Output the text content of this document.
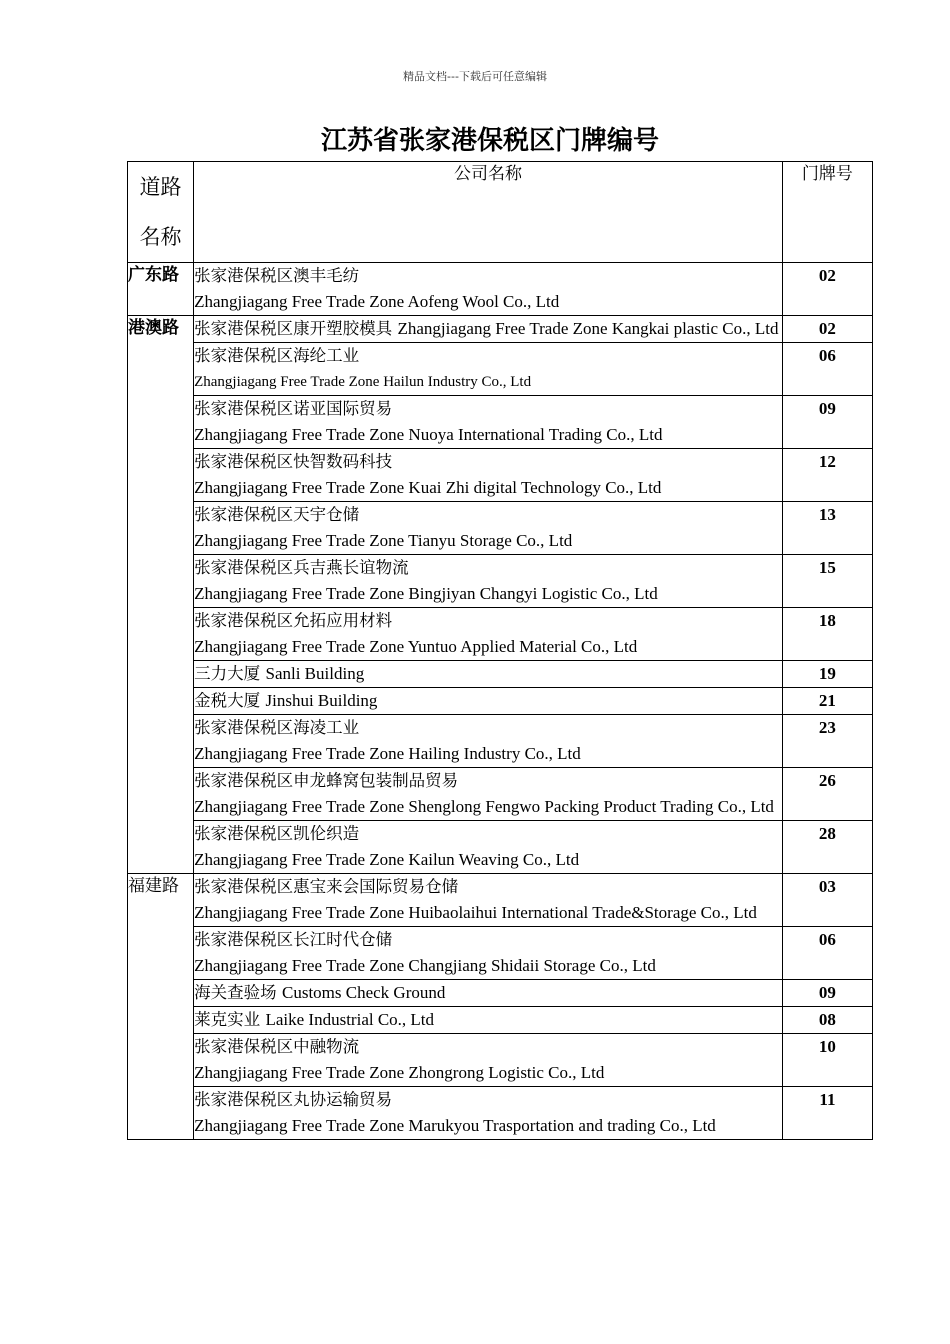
精品文档---下载后可任意编辑
江苏省张家港保税区门牌编号
道路
名称	公司名称	门牌号
广东路	张家港保税区澳丰毛纺
Zhangjiagang Free Trade Zone Aofeng Wool Co., Ltd	02
港澳路	张家港保税区康开塑胶模具 Zhangjiagang Free Trade Zone Kangkai plastic Co., Ltd	02
	张家港保税区海纶工业
Zhangjiagang Free Trade Zone Hailun Industry Co., Ltd	06
	张家港保税区诺亚国际贸易
Zhangjiagang Free Trade Zone Nuoya International Trading Co., Ltd	09
	张家港保税区快智数码科技
Zhangjiagang Free Trade Zone Kuai Zhi digital Technology Co., Ltd	12
	张家港保税区天宇仓储
Zhangjiagang Free Trade Zone Tianyu Storage Co., Ltd	13
	张家港保税区兵吉燕长谊物流
Zhangjiagang Free Trade Zone Bingjiyan Changyi Logistic Co., Ltd	15
	张家港保税区允拓应用材料
Zhangjiagang Free Trade Zone Yuntuo Applied Material Co., Ltd	18
	三力大厦 Sanli Building	19
	金税大厦 Jinshui Building	21
	张家港保税区海凌工业
Zhangjiagang Free Trade Zone Hailing Industry Co., Ltd	23
	张家港保税区申龙蜂窝包装制品贸易
Zhangjiagang Free Trade Zone Shenglong Fengwo Packing Product Trading Co., Ltd	26
	张家港保税区凯伦织造
Zhangjiagang Free Trade Zone Kailun Weaving Co., Ltd	28
福建路	张家港保税区惠宝来会国际贸易仓储
Zhangjiagang Free Trade Zone Huibaolaihui International Trade&Storage Co., Ltd	03
	张家港保税区长江时代仓储
Zhangjiagang Free Trade Zone Changjiang Shidaii Storage Co., Ltd	06
	海关查验场 Customs Check Ground	09
	莱克实业 Laike Industrial Co., Ltd	08
	张家港保税区中融物流
Zhangjiagang Free Trade Zone Zhongrong Logistic Co., Ltd	10
	张家港保税区丸协运输贸易
Zhangjiagang Free Trade Zone Marukyou Trasportation and trading Co., Ltd	11
